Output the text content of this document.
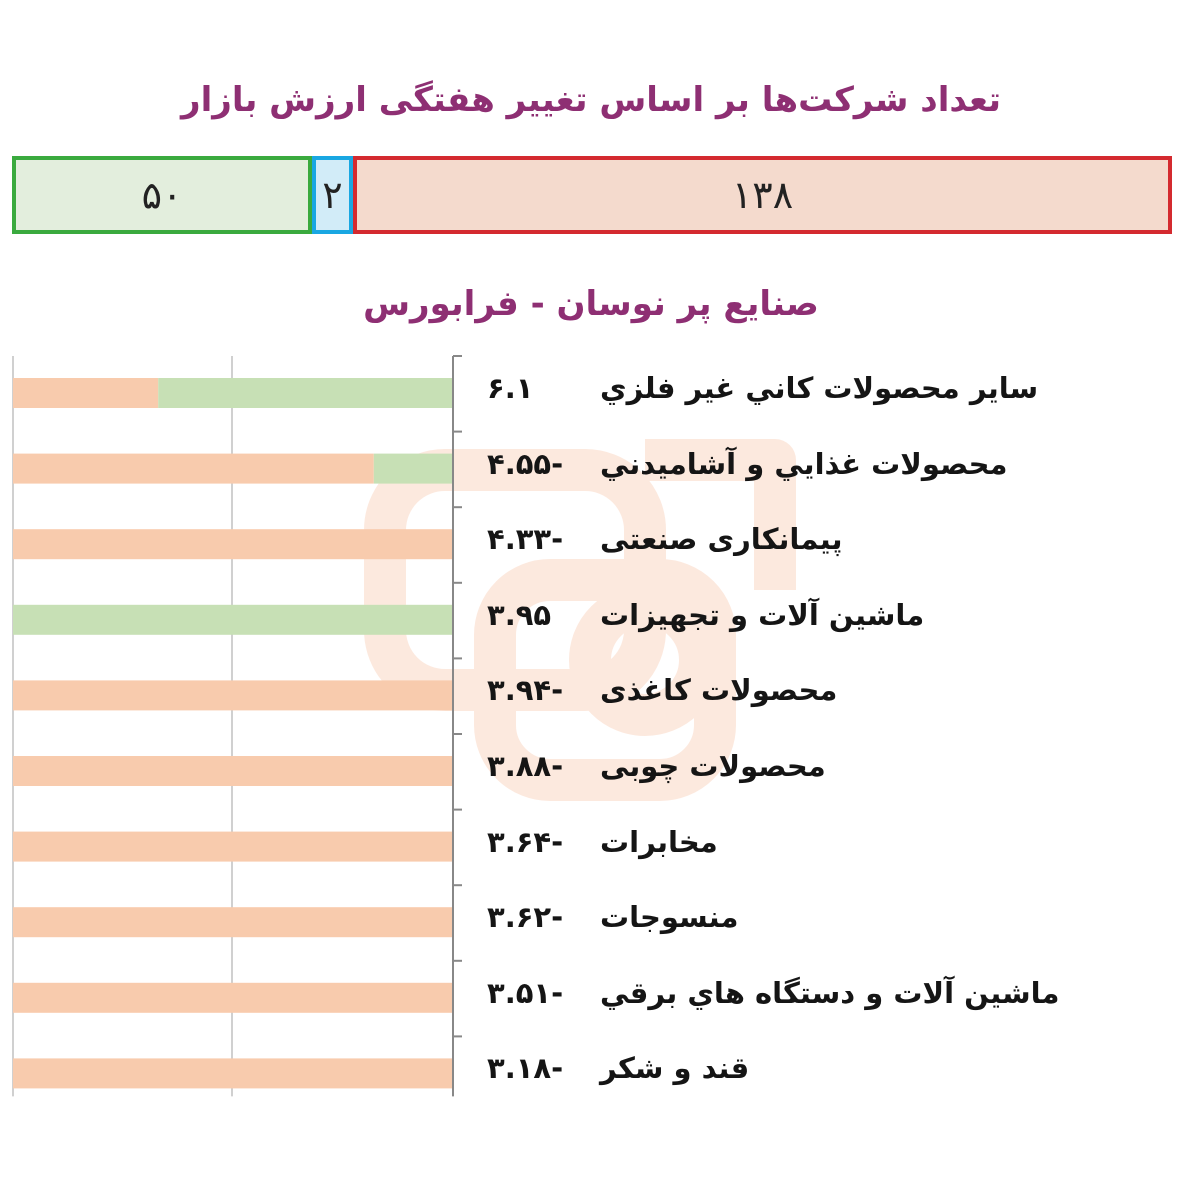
تعداد شرکت‌ها بر اساس تغییر هفتگی ارزش بازار
۵۰	۲	۱۳۸
صنایع پر نوسان - فرابورس
۶.۱ ساير محصولات كاني غير فلزي
۴.۵۵- محصولات غذايي و آشاميدني
۴.۳۳- پیمانکاری صنعتی
۳.۹۵ ماشین آلات و تجهیزات
۳.۹۴- محصولات کاغذی
۳.۸۸- محصولات چوبی
۳.۶۴- مخابرات
۳.۶۲- منسوجات
۳.۵۱- ماشين آلات و دستگاه هاي برقي
۳.۱۸- قند و شكر
